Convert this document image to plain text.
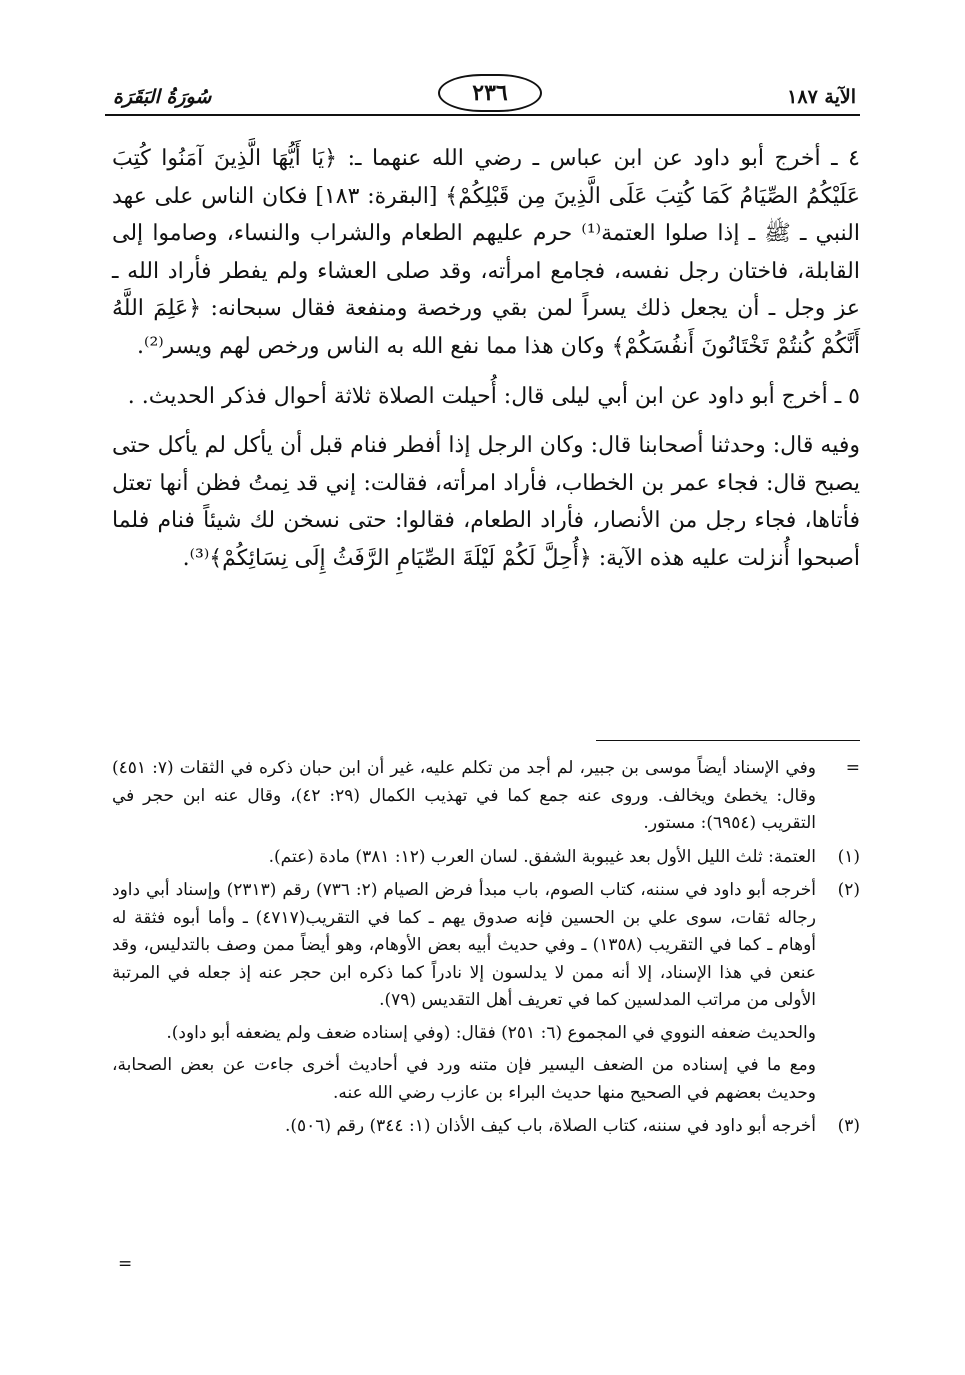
سُورَةُ البَقَرَة	٢٣٦	الآية ١٨٧

٤ ـ أخرج أبو داود عن ابن عباس ـ رضي الله عنهما ـ: ﴿يَا أَيُّهَا الَّذِينَ آمَنُوا كُتِبَ عَلَيْكُمُ الصِّيَامُ كَمَا كُتِبَ عَلَى الَّذِينَ مِن قَبْلِكُمْ﴾ [البقرة: ١٨٣] فكان الناس على عهد النبي ـ ﷺ ـ إذا صلوا العتمة⁽¹⁾ حرم عليهم الطعام والشراب والنساء، وصاموا إلى القابلة، فاختان رجل نفسه، فجامع امرأته، وقد صلى العشاء ولم يفطر فأراد الله ـ عز وجل ـ أن يجعل ذلك يسراً لمن بقي ورخصة ومنفعة فقال سبحانه: ﴿عَلِمَ اللَّهُ أَنَّكُمْ كُنتُمْ تَخْتَانُونَ أَنفُسَكُمْ﴾ وكان هذا مما نفع الله به الناس ورخص لهم ويسر⁽²⁾.

٥ ـ أخرج أبو داود عن ابن أبي ليلى قال: أُحيلت الصلاة ثلاثة أحوال فذكر الحديث. .

وفيه قال: وحدثنا أصحابنا قال: وكان الرجل إذا أفطر فنام قبل أن يأكل لم يأكل حتى يصبح قال: فجاء عمر بن الخطاب، فأراد امرأته، فقالت: إني قد نِمتُ فظن أنها تعتل فأتاها، فجاء رجل من الأنصار، فأراد الطعام، فقالوا: حتى نسخن لك شيئاً فنام فلما أصبحوا أُنزلت عليه هذه الآية: ﴿أُحِلَّ لَكُمْ لَيْلَةَ الصِّيَامِ الرَّفَثُ إِلَى نِسَائِكُمْ﴾⁽³⁾.

=

وفي الإسناد أيضاً موسى بن جبير، لم أجد من تكلم عليه، غير أن ابن حبان ذكره في الثقات (٧: ٤٥١) وقال: يخطئ ويخالف. وروى عنه جمع كما في تهذيب الكمال (٢٩: ٤٢)، وقال عنه ابن حجر في التقريب (٦٩٥٤): مستور.

(١)

العتمة: ثلث الليل الأول بعد غيبوبة الشفق. لسان العرب (١٢: ٣٨١) مادة (عتم).

(٢)

أخرجه أبو داود في سننه، كتاب الصوم، باب مبدأ فرض الصيام (٢: ٧٣٦) رقم (٢٣١٣) وإسناد أبي داود رجاله ثقات، سوى علي بن الحسين فإنه صدوق يهم ـ كما في التقريب(٤٧١٧) ـ وأما أبوه فثقة له أوهام ـ كما في التقريب (١٣٥٨) ـ وفي حديث أبيه بعض الأوهام، وهو أيضاً ممن وصف بالتدليس، وقد عنعن في هذا الإسناد، إلا أنه ممن لا يدلسون إلا نادراً كما ذكره ابن حجر عنه إذ جعله في المرتبة الأولى من مراتب المدلسين كما في تعريف أهل التقديس (٧٩).

والحديث ضعفه النووي في المجموع (٦: ٢٥١) فقال: (وفي إسناده ضعف ولم يضعفه أبو داود).

ومع ما في إسناده من الضعف اليسير فإن متنه ورد في أحاديث أخرى جاءت عن بعض الصحابة، وحديث بعضهم في الصحيح منها حديث البراء بن عازب رضي الله عنه.

(٣)

أخرجه أبو داود في سننه، كتاب الصلاة، باب كيف الأذان (١: ٣٤٤) رقم (٥٠٦).

=
